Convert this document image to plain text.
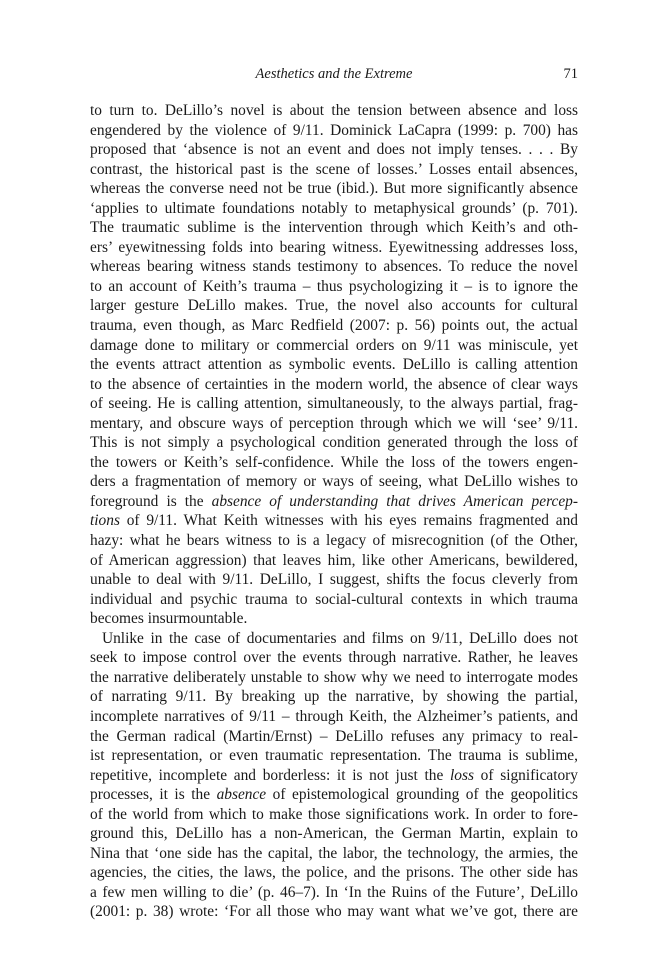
Aesthetics and the Extreme	71
to turn to. DeLillo’s novel is about the tension between absence and loss
engendered by the violence of 9/11. Dominick LaCapra (1999: p. 700) has
proposed that ‘absence is not an event and does not imply tenses. . . . By
contrast, the historical past is the scene of losses.’ Losses entail absences,
whereas the converse need not be true (ibid.). But more significantly absence
‘applies to ultimate foundations notably to metaphysical grounds’ (p. 701).
The traumatic sublime is the intervention through which Keith’s and oth-
ers’ eyewitnessing folds into bearing witness. Eyewitnessing addresses loss,
whereas bearing witness stands testimony to absences. To reduce the novel
to an account of Keith’s trauma – thus psychologizing it – is to ignore the
larger gesture DeLillo makes. True, the novel also accounts for cultural
trauma, even though, as Marc Redfield (2007: p. 56) points out, the actual
damage done to military or commercial orders on 9/11 was miniscule, yet
the events attract attention as symbolic events. DeLillo is calling attention
to the absence of certainties in the modern world, the absence of clear ways
of seeing. He is calling attention, simultaneously, to the always partial, frag-
mentary, and obscure ways of perception through which we will ‘see’ 9/11.
This is not simply a psychological condition generated through the loss of
the towers or Keith’s self-confidence. While the loss of the towers engen-
ders a fragmentation of memory or ways of seeing, what DeLillo wishes to
foreground is the absence of understanding that drives American percep-
tions of 9/11. What Keith witnesses with his eyes remains fragmented and
hazy: what he bears witness to is a legacy of misrecognition (of the Other,
of American aggression) that leaves him, like other Americans, bewildered,
unable to deal with 9/11. DeLillo, I suggest, shifts the focus cleverly from
individual and psychic trauma to social-cultural contexts in which trauma
becomes insurmountable.
Unlike in the case of documentaries and films on 9/11, DeLillo does not
seek to impose control over the events through narrative. Rather, he leaves
the narrative deliberately unstable to show why we need to interrogate modes
of narrating 9/11. By breaking up the narrative, by showing the partial,
incomplete narratives of 9/11 – through Keith, the Alzheimer’s patients, and
the German radical (Martin/Ernst) – DeLillo refuses any primacy to real-
ist representation, or even traumatic representation. The trauma is sublime,
repetitive, incomplete and borderless: it is not just the loss of significatory
processes, it is the absence of epistemological grounding of the geopolitics
of the world from which to make those significations work. In order to fore-
ground this, DeLillo has a non-American, the German Martin, explain to
Nina that ‘one side has the capital, the labor, the technology, the armies, the
agencies, the cities, the laws, the police, and the prisons. The other side has
a few men willing to die’ (p. 46–7). In ‘In the Ruins of the Future’, DeLillo
(2001: p. 38) wrote: ‘For all those who may want what we’ve got, there are
